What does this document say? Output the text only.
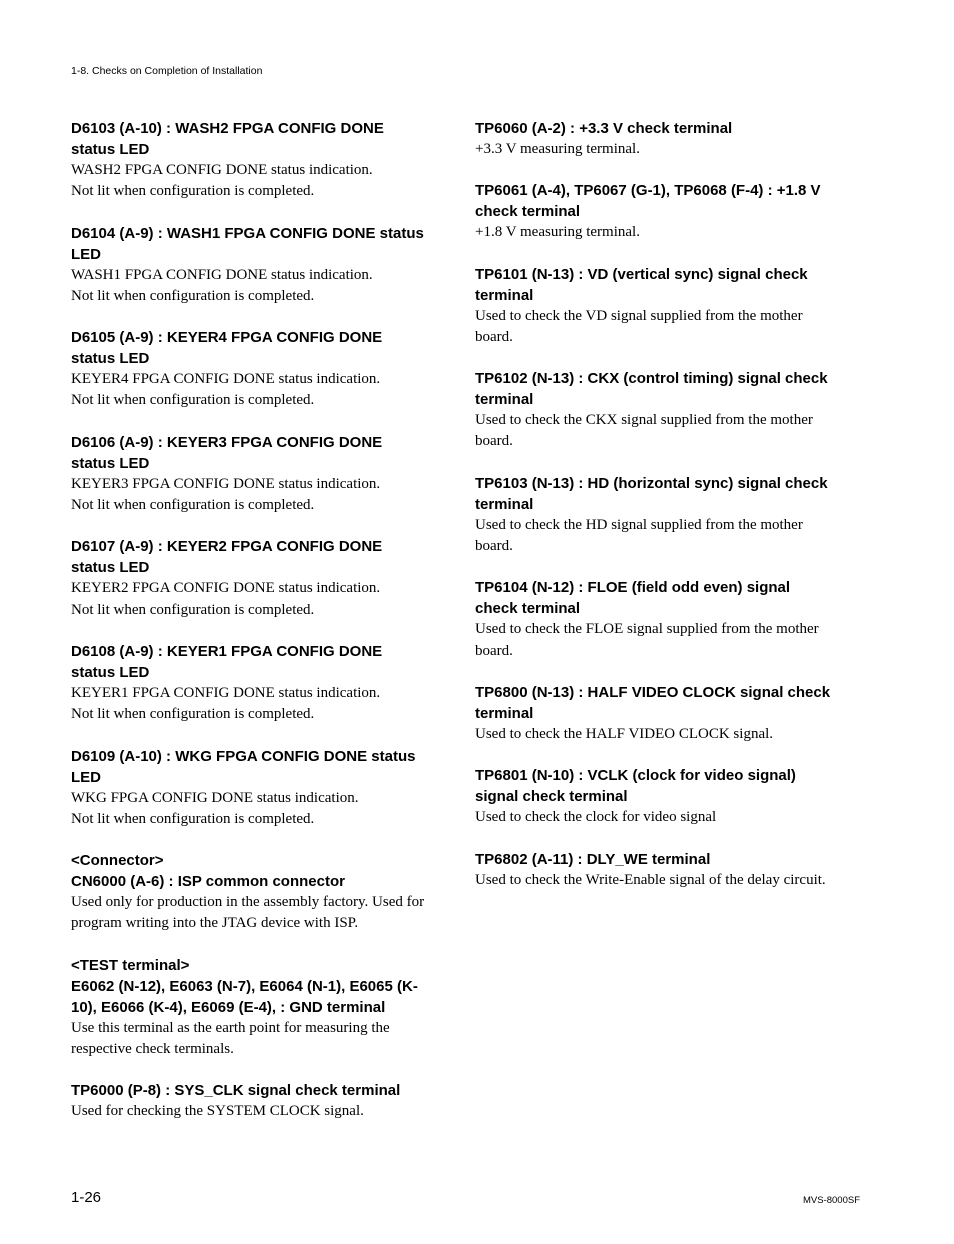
1-8. Checks on Completion of Installation
D6103 (A-10) : WASH2 FPGA CONFIG DONE
status LED
WASH2 FPGA CONFIG DONE status indication.
Not lit when configuration is completed.
D6104 (A-9) : WASH1 FPGA CONFIG DONE status
LED
WASH1 FPGA CONFIG DONE status indication.
Not lit when configuration is completed.
D6105 (A-9) : KEYER4 FPGA CONFIG DONE
status LED
KEYER4 FPGA CONFIG DONE status indication.
Not lit when configuration is completed.
D6106 (A-9) : KEYER3 FPGA CONFIG DONE
status LED
KEYER3 FPGA CONFIG DONE status indication.
Not lit when configuration is completed.
D6107 (A-9) : KEYER2 FPGA CONFIG DONE
status LED
KEYER2 FPGA CONFIG DONE status indication.
Not lit when configuration is completed.
D6108 (A-9) : KEYER1 FPGA CONFIG DONE
status LED
KEYER1 FPGA CONFIG DONE status indication.
Not lit when configuration is completed.
D6109 (A-10) : WKG FPGA CONFIG DONE status
LED
WKG FPGA CONFIG DONE status indication.
Not lit when configuration is completed.
<Connector>
CN6000 (A-6) : ISP common connector
Used only for production in the assembly factory. Used for
program writing into the JTAG device with ISP.
<TEST terminal>
E6062 (N-12), E6063 (N-7), E6064 (N-1), E6065 (K-
10), E6066 (K-4), E6069 (E-4), : GND terminal
Use this terminal as the earth point for measuring the
respective check terminals.
TP6000 (P-8) : SYS_CLK signal check terminal
Used for checking the SYSTEM CLOCK signal.
TP6060 (A-2) : +3.3 V check terminal
+3.3 V measuring terminal.
TP6061 (A-4), TP6067 (G-1), TP6068 (F-4) : +1.8 V
check terminal
+1.8 V measuring terminal.
TP6101 (N-13) : VD (vertical sync) signal check
terminal
Used to check the VD signal supplied from the mother
board.
TP6102 (N-13) : CKX (control timing) signal check
terminal
Used to check the CKX signal supplied from the mother
board.
TP6103 (N-13) : HD (horizontal sync) signal check
terminal
Used to check the HD signal supplied from the mother
board.
TP6104 (N-12) : FLOE (field odd even) signal
check terminal
Used to check the FLOE signal supplied from the mother
board.
TP6800 (N-13) : HALF VIDEO CLOCK signal check
terminal
Used to check the HALF VIDEO CLOCK signal.
TP6801 (N-10) : VCLK (clock for video signal)
signal check terminal
Used to check the clock for video signal
TP6802 (A-11) : DLY_WE terminal
Used to check the Write-Enable signal of the delay circuit.
1-26	MVS-8000SF
